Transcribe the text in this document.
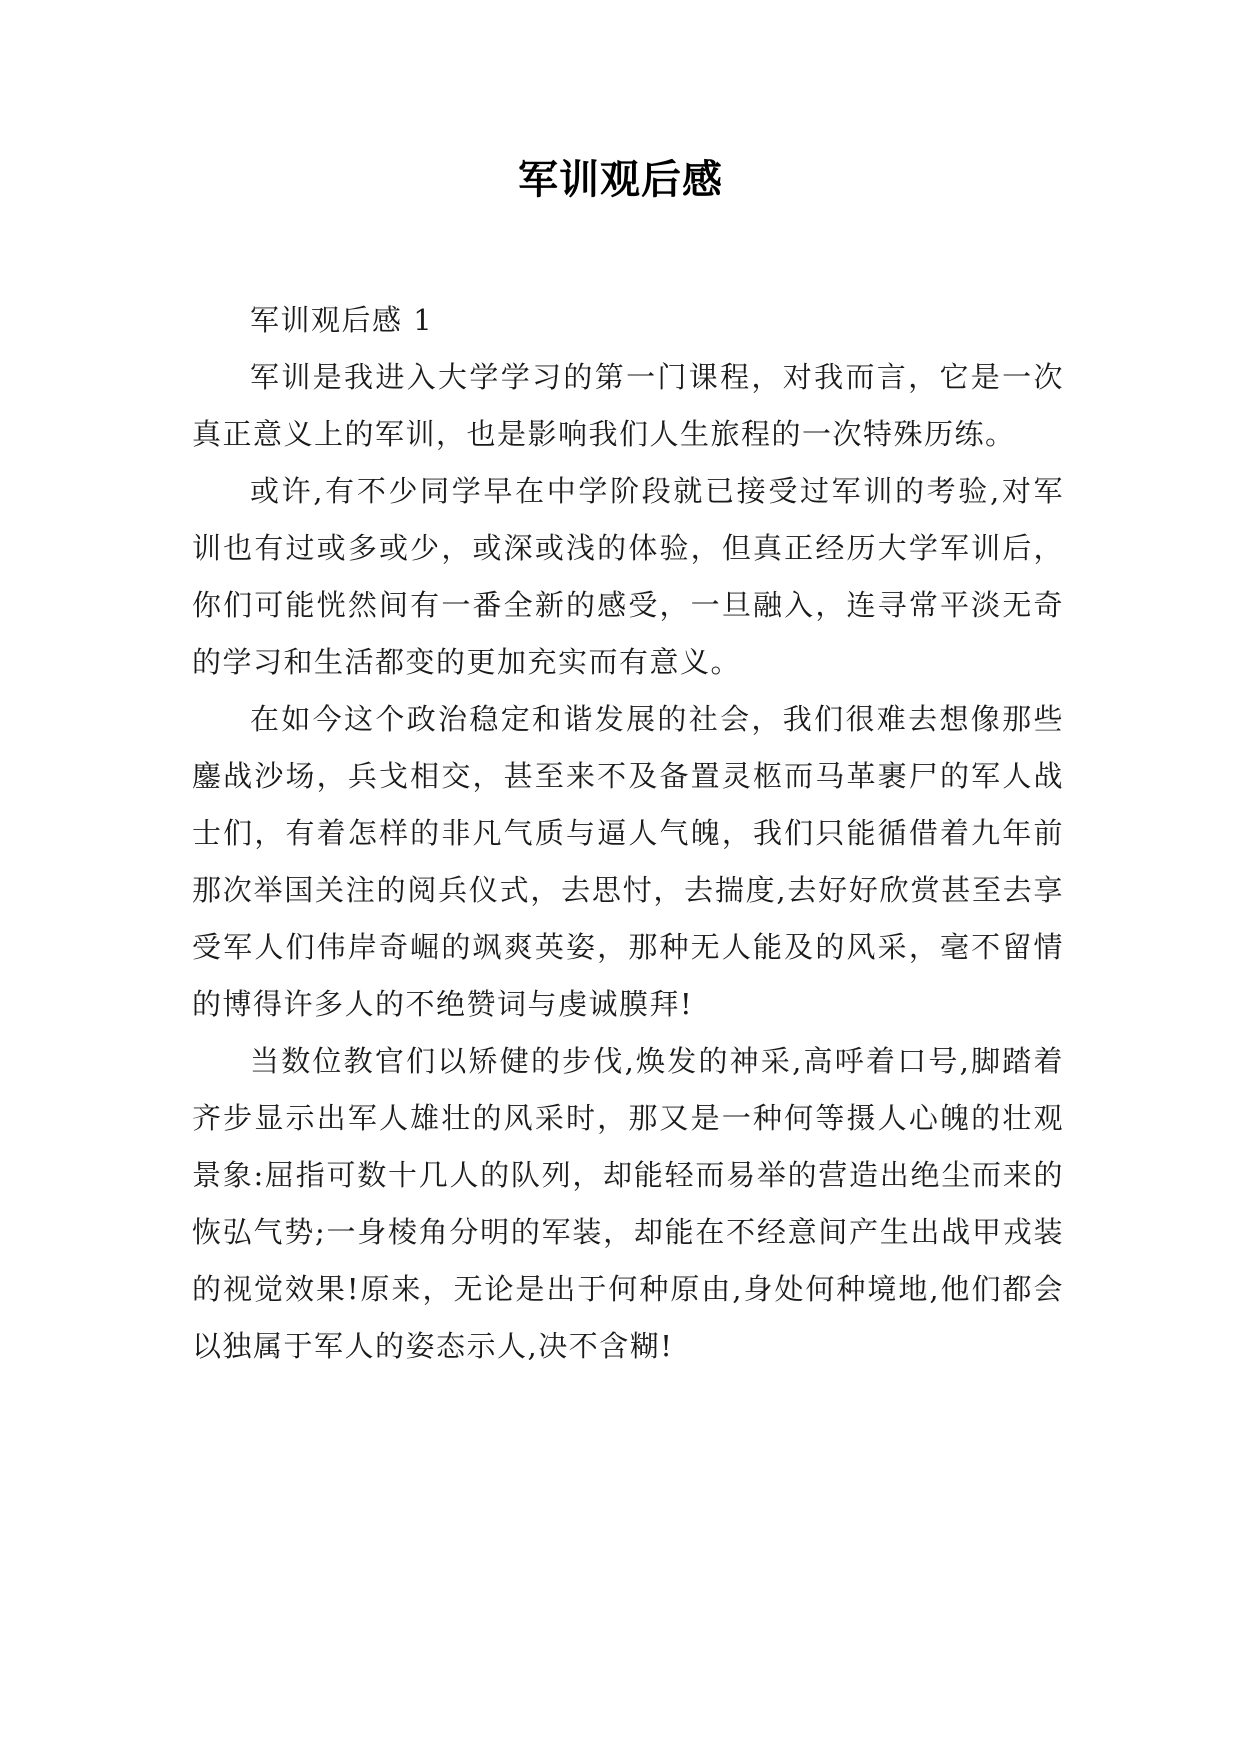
军训观后感

军训观后感 1

军训是我进入大学学习的第一门课程，对我而言，它是一次真正意义上的军训，也是影响我们人生旅程的一次特殊历练。

或许,有不少同学早在中学阶段就已接受过军训的考验,对军训也有过或多或少，或深或浅的体验，但真正经历大学军训后，你们可能恍然间有一番全新的感受，一旦融入，连寻常平淡无奇的学习和生活都变的更加充实而有意义。

在如今这个政治稳定和谐发展的社会，我们很难去想像那些鏖战沙场，兵戈相交，甚至来不及备置灵柩而马革裹尸的军人战士们，有着怎样的非凡气质与逼人气魄，我们只能循借着九年前那次举国关注的阅兵仪式，去思忖，去揣度,去好好欣赏甚至去享受军人们伟岸奇崛的飒爽英姿，那种无人能及的风采，毫不留情的博得许多人的不绝赞词与虔诚膜拜!

当数位教官们以矫健的步伐,焕发的神采,高呼着口号,脚踏着齐步显示出军人雄壮的风采时，那又是一种何等摄人心魄的壮观景象:屈指可数十几人的队列，却能轻而易举的营造出绝尘而来的恢弘气势;一身棱角分明的军装，却能在不经意间产生出战甲戎装的视觉效果!原来，无论是出于何种原由,身处何种境地,他们都会以独属于军人的姿态示人,决不含糊!
